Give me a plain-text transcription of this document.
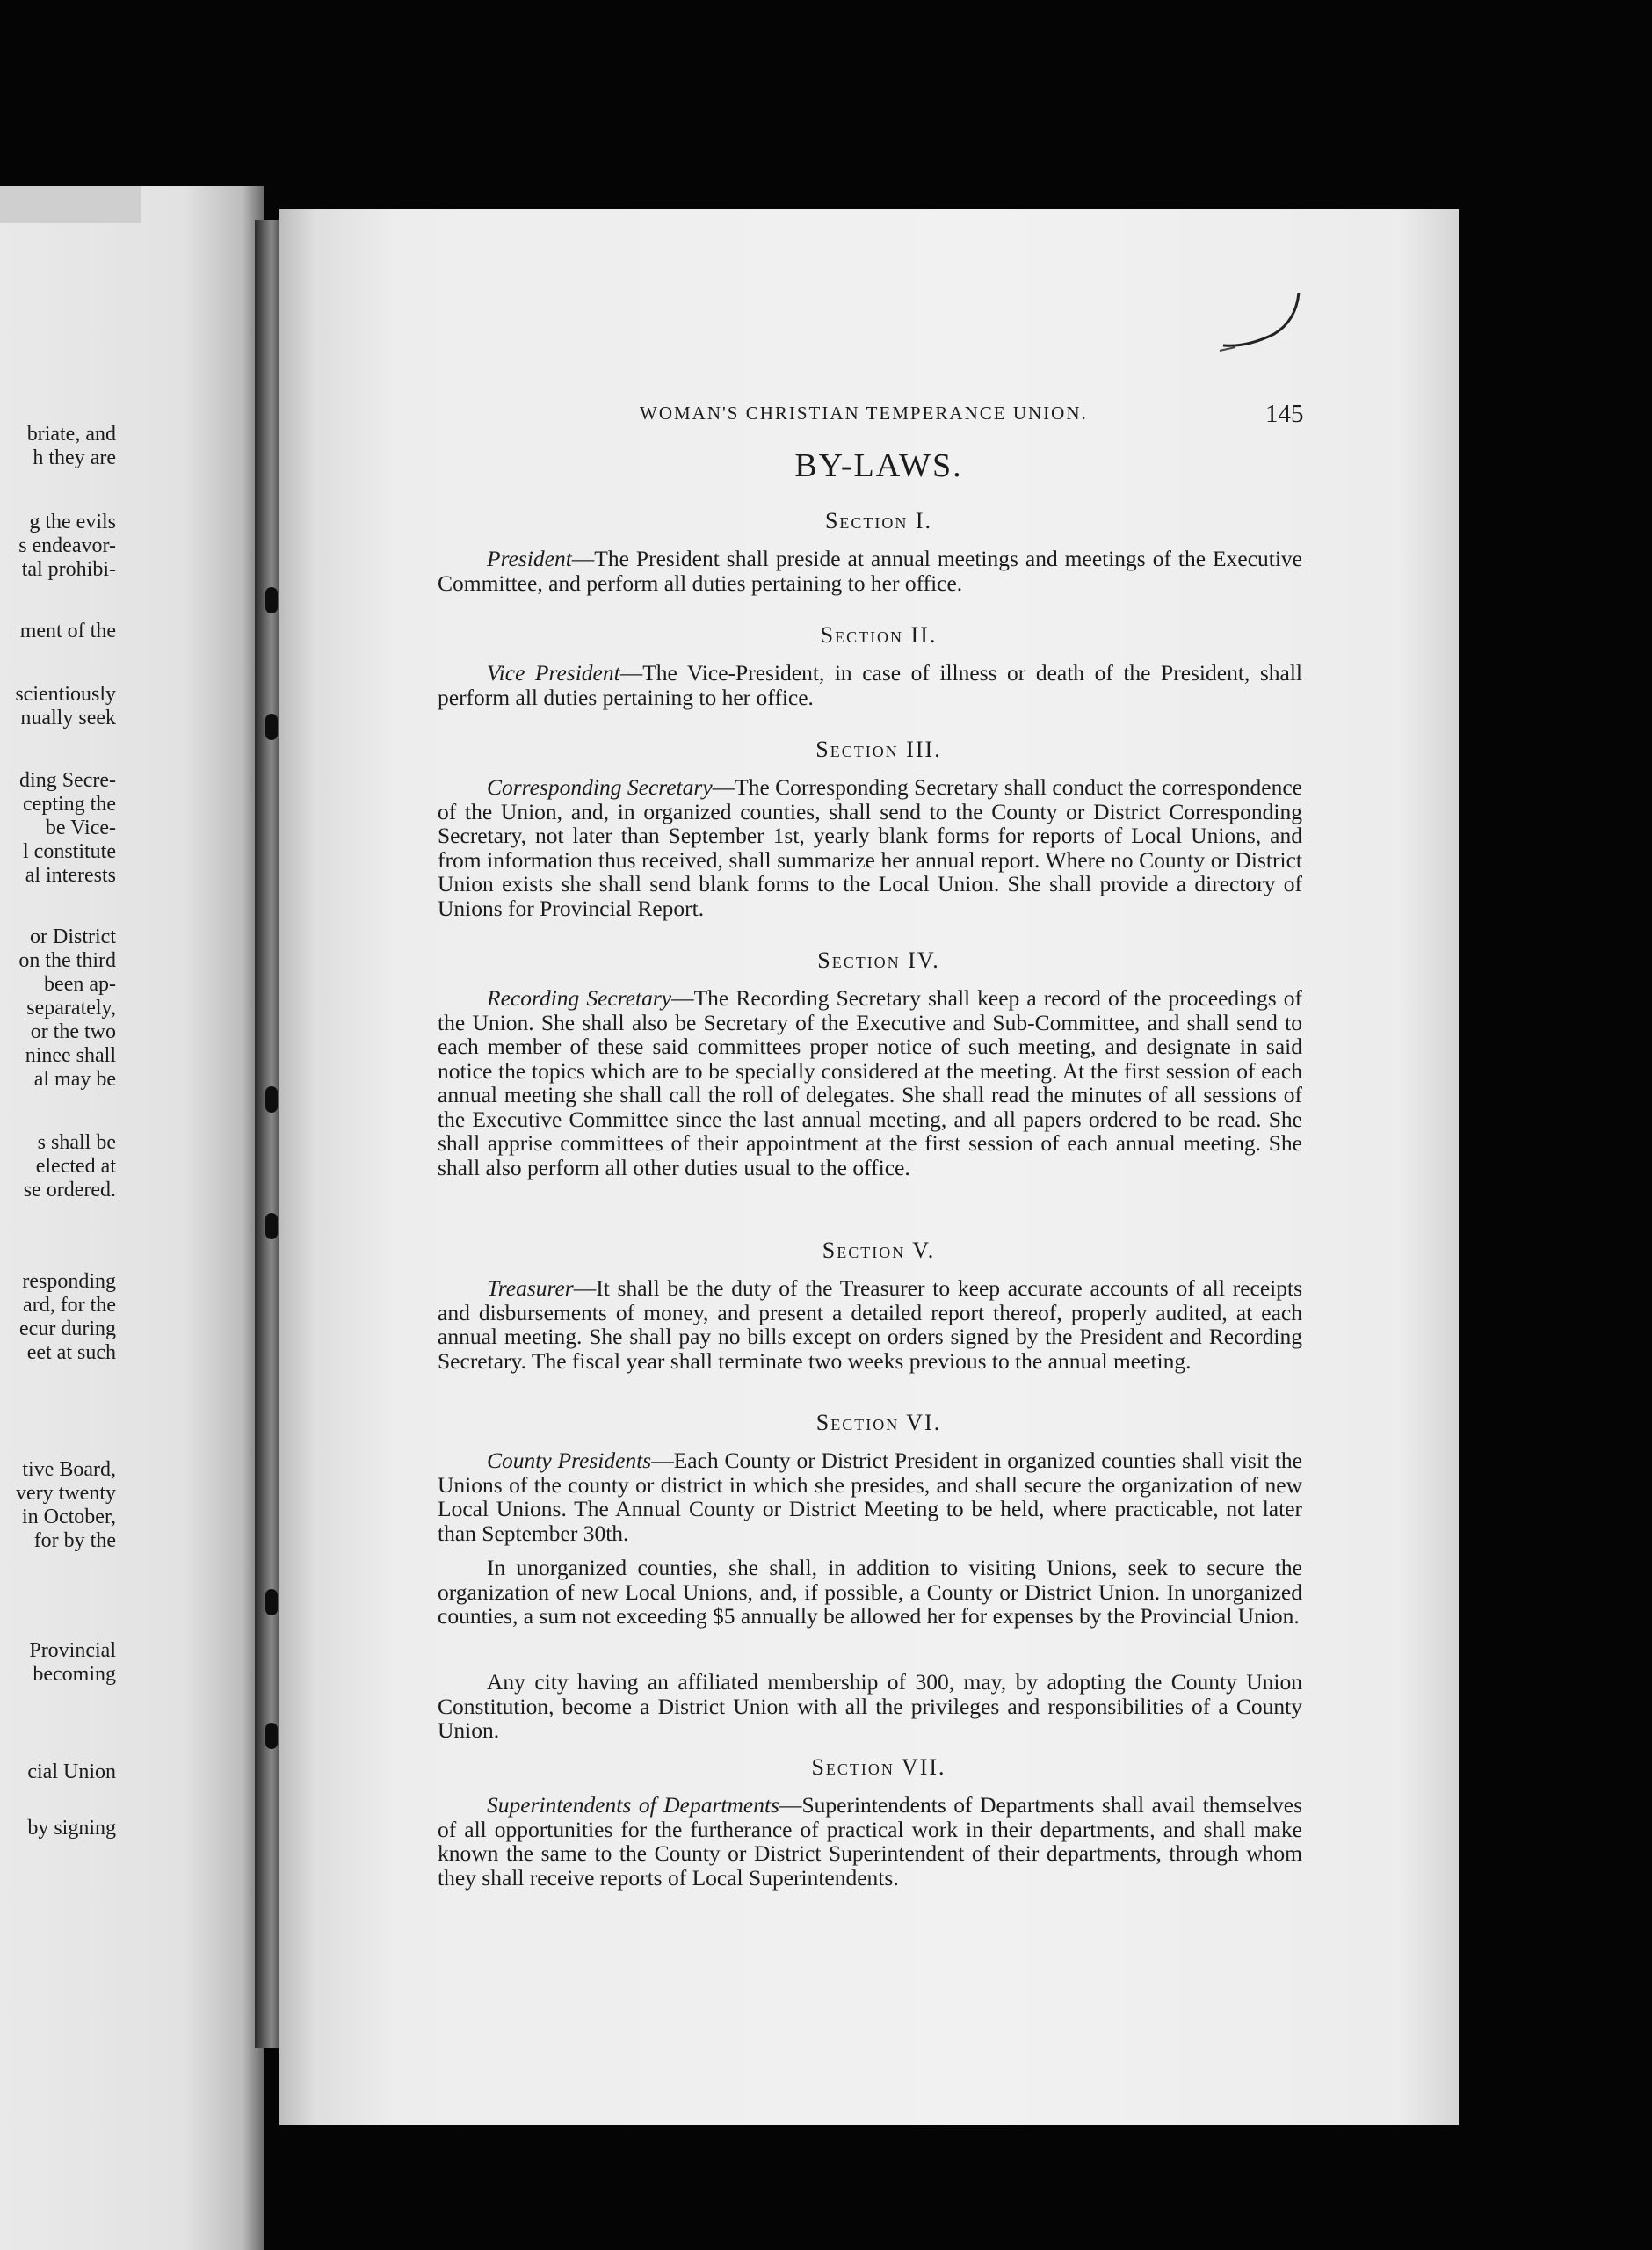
briate, and
h they are
g the evils
s endeavor-
tal prohibi-
ment of the
scientiously
nually seek
ding Secre-
cepting the
be Vice-
l constitute
al interests
or District
on the third
been ap-
separately,
or the two
ninee shall
al may be
s shall be
elected at
se ordered.
responding
ard, for the
ecur during
eet at such
tive Board,
very twenty
in October,
for by the
Provincial
becoming
cial Union
by signing
WOMAN'S CHRISTIAN TEMPERANCE UNION.	145
BY-LAWS.
Section I.
President—The President shall preside at annual meetings and meetings of the Executive Committee, and perform all duties pertaining to her office.
Section II.
Vice President—The Vice-President, in case of illness or death of the President, shall perform all duties pertaining to her office.
Section III.
Corresponding Secretary—The Corresponding Secretary shall conduct the correspondence of the Union, and, in organized counties, shall send to the County or District Corresponding Secretary, not later than September 1st, yearly blank forms for reports of Local Unions, and from information thus received, shall summarize her annual report. Where no County or District Union exists she shall send blank forms to the Local Union. She shall provide a directory of Unions for Provincial Report.
Section IV.
Recording Secretary—The Recording Secretary shall keep a record of the proceedings of the Union. She shall also be Secretary of the Executive and Sub-Committee, and shall send to each member of these said committees proper notice of such meeting, and designate in said notice the topics which are to be specially considered at the meeting. At the first session of each annual meeting she shall call the roll of delegates. She shall read the minutes of all sessions of the Executive Committee since the last annual meeting, and all papers ordered to be read. She shall apprise committees of their appointment at the first session of each annual meeting. She shall also perform all other duties usual to the office.
Section V.
Treasurer—It shall be the duty of the Treasurer to keep accurate accounts of all receipts and disbursements of money, and present a detailed report thereof, properly audited, at each annual meeting. She shall pay no bills except on orders signed by the President and Recording Secretary. The fiscal year shall terminate two weeks previous to the annual meeting.
Section VI.
County Presidents—Each County or District President in organized counties shall visit the Unions of the county or district in which she presides, and shall secure the organization of new Local Unions. The Annual County or District Meeting to be held, where practicable, not later than September 30th.
In unorganized counties, she shall, in addition to visiting Unions, seek to secure the organization of new Local Unions, and, if possible, a County or District Union. In unorganized counties, a sum not exceeding $5 annually be allowed her for expenses by the Provincial Union.
Any city having an affiliated membership of 300, may, by adopting the County Union Constitution, become a District Union with all the privileges and responsibilities of a County Union.
Section VII.
Superintendents of Departments—Superintendents of Departments shall avail themselves of all opportunities for the furtherance of practical work in their departments, and shall make known the same to the County or District Superintendent of their departments, through whom they shall receive reports of Local Superintendents.
